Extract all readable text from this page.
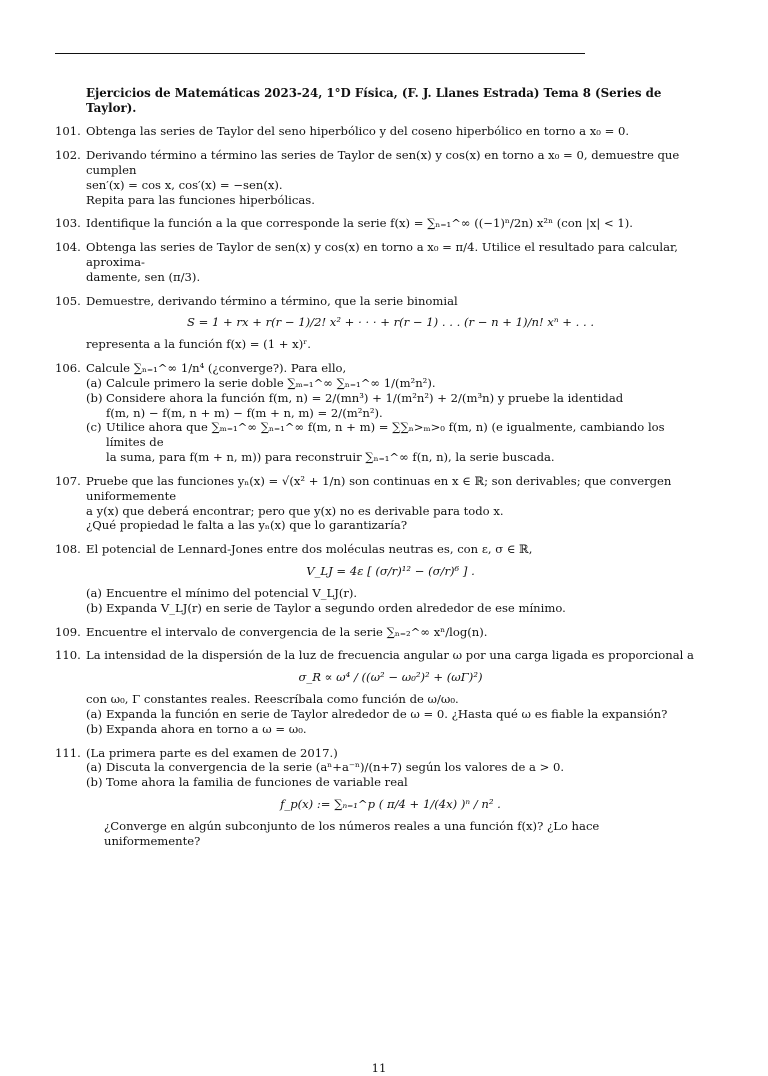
Ejercicios de Matemáticas 2023-24, 1°D Física, (F. J. Llanes Estrada) Tema 8 (Series de Taylor).
101. Obtenga las series de Taylor del seno hiperbólico y del coseno hiperbólico en torno a x₀ = 0.
102. Derivando término a término las series de Taylor de sen(x) y cos(x) en torno a x₀ = 0, demuestre que cumplen
sen′(x) = cos x, cos′(x) = −sen(x).
Repita para las funciones hiperbólicas.
103. Identifique la función a la que corresponde la serie f(x) = ∑ₙ₌₁^∞ ((−1)ⁿ/2n) x²ⁿ (con |x| < 1).
104. Obtenga las series de Taylor de sen(x) y cos(x) en torno a x₀ = π/4. Utilice el resultado para calcular, aproxima-
damente, sen (π/3).
105. Demuestre, derivando término a término, que la serie binomial
S = 1 + rx + r(r − 1)/2! x² + · · · + r(r − 1) . . . (r − n + 1)/n! xⁿ + . . .
representa a la función f(x) = (1 + x)ʳ.
106. Calcule ∑ₙ₌₁^∞ 1/n⁴ (¿converge?). Para ello,
(a) Calcule primero la serie doble ∑ₘ₌₁^∞ ∑ₙ₌₁^∞ 1/(m²n²).
(b) Considere ahora la función f(m, n) = 2/(mn³) + 1/(m²n²) + 2/(m³n) y pruebe la identidad
f(m, n) − f(m, n + m) − f(m + n, m) = 2/(m²n²).
(c) Utilice ahora que ∑ₘ₌₁^∞ ∑ₙ₌₁^∞ f(m, n + m) = ∑∑ₙ>ₘ>₀ f(m, n) (e igualmente, cambiando los límites de
la suma, para f(m + n, m)) para reconstruir ∑ₙ₌₁^∞ f(n, n), la serie buscada.
107. Pruebe que las funciones yₙ(x) = √(x² + 1/n) son continuas en x ∈ ℝ; son derivables; que convergen uniformemente
a y(x) que deberá encontrar; pero que y(x) no es derivable para todo x.
¿Qué propiedad le falta a las yₙ(x) que lo garantizaría?
108. El potencial de Lennard-Jones entre dos moléculas neutras es, con ε, σ ∈ ℝ,
V_LJ = 4ε [ (σ/r)¹² − (σ/r)⁶ ] .
(a) Encuentre el mínimo del potencial V_LJ(r).
(b) Expanda V_LJ(r) en serie de Taylor a segundo orden alrededor de ese mínimo.
109. Encuentre el intervalo de convergencia de la serie ∑ₙ₌₂^∞ xⁿ/log(n).
110. La intensidad de la dispersión de la luz de frecuencia angular ω por una carga ligada es proporcional a
σ_R ∝ ω⁴ / ((ω² − ω₀²)² + (ωΓ)²)
con ω₀, Γ constantes reales. Reescríbala como función de ω/ω₀.
(a) Expanda la función en serie de Taylor alrededor de ω = 0. ¿Hasta qué ω es fiable la expansión?
(b) Expanda ahora en torno a ω = ω₀.
111. (La primera parte es del examen de 2017.)
(a) Discuta la convergencia de la serie (aⁿ+a⁻ⁿ)/(n+7) según los valores de a > 0.
(b) Tome ahora la familia de funciones de variable real
f_p(x) := ∑ₙ₌₁^p ( π/4 + 1/(4x) )ⁿ / n² .
¿Converge en algún subconjunto de los números reales a una función f(x)? ¿Lo hace uniformemente?
11
